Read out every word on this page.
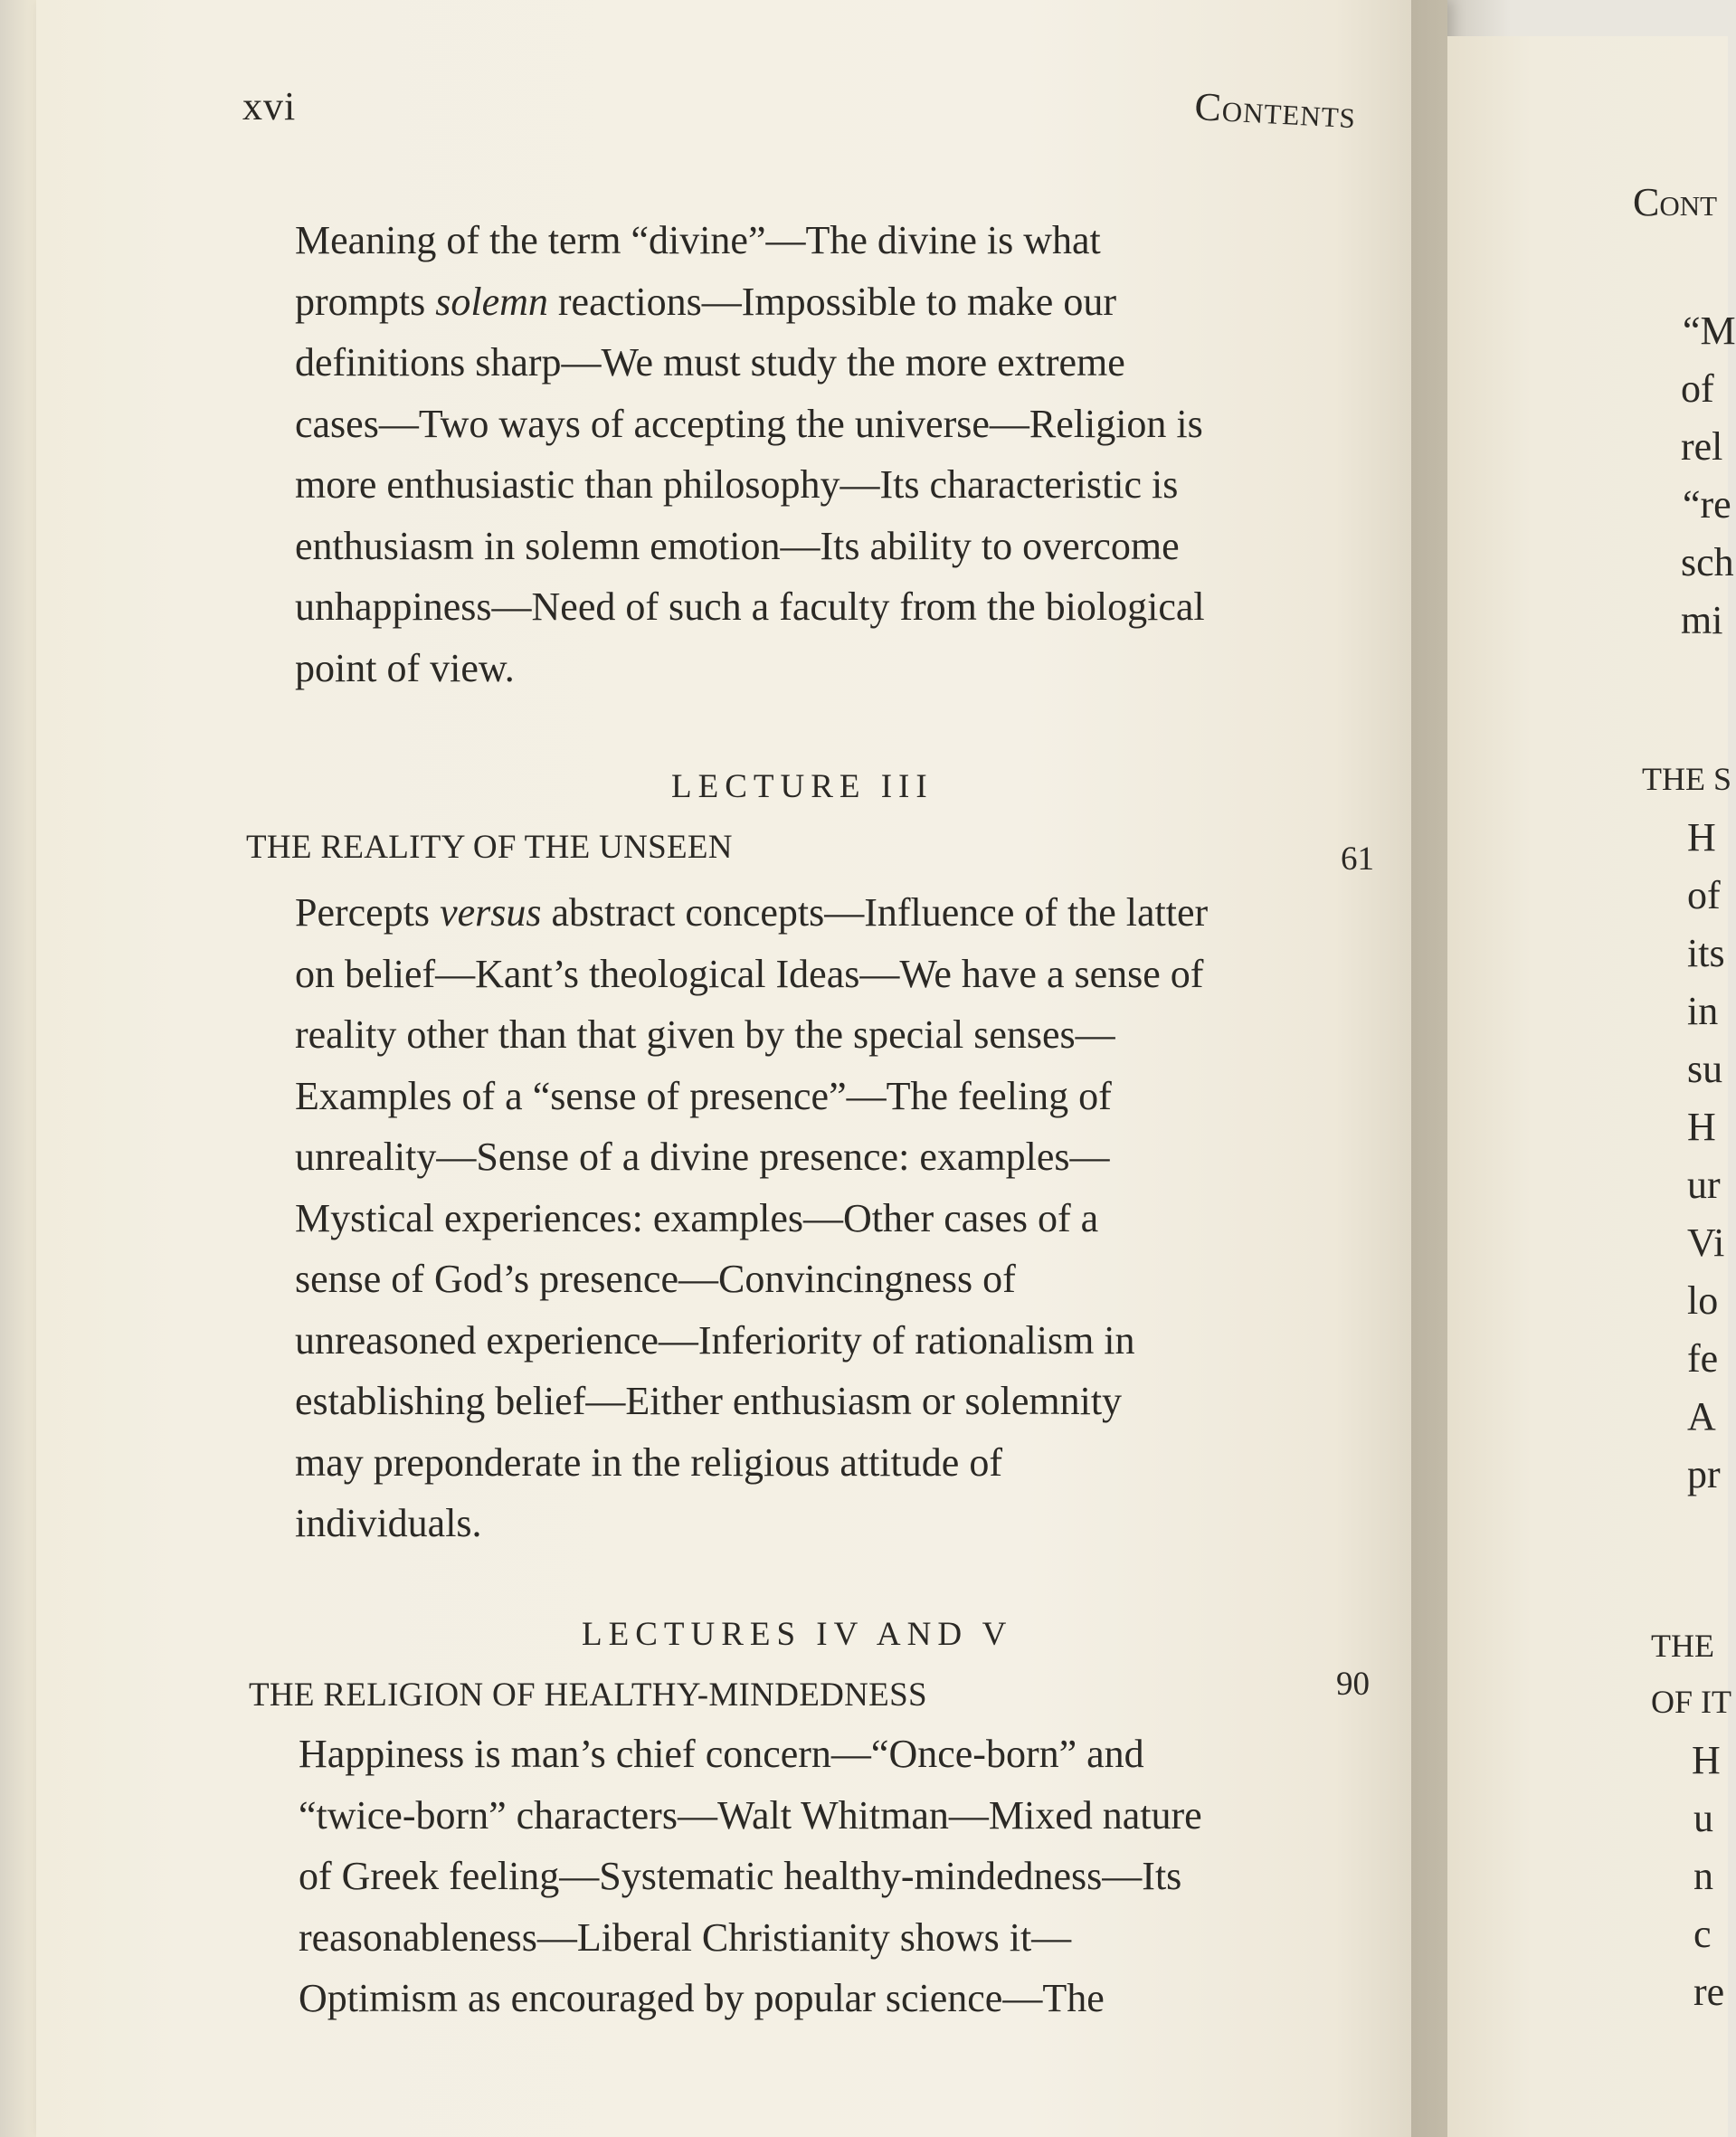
Cont
“M
of
rel
“re
sch
mi
THE S
H
of
its
in
su
H
ur
Vi
lo
fe
A
pr
THE
OF IT
H
u
n
c
re
xvi	Contents
Meaning of the term “divine”—The divine is what
prompts solemn reactions—Impossible to make our
definitions sharp—We must study the more extreme
cases—Two ways of accepting the universe—Religion is
more enthusiastic than philosophy—Its characteristic is
enthusiasm in solemn emotion—Its ability to overcome
unhappiness—Need of such a faculty from the biological
point of view.
LECTURE III
THE REALITY OF THE UNSEEN	61
Percepts versus abstract concepts—Influence of the latter
on belief—Kant’s theological Ideas—We have a sense of
reality other than that given by the special senses—
Examples of a “sense of presence”—The feeling of
unreality—Sense of a divine presence: examples—
Mystical experiences: examples—Other cases of a
sense of God’s presence—Convincingness of
unreasoned experience—Inferiority of rationalism in
establishing belief—Either enthusiasm or solemnity
may preponderate in the religious attitude of
individuals.
LECTURES IV AND V
THE RELIGION OF HEALTHY-MINDEDNESS	90
Happiness is man’s chief concern—“Once-born” and
“twice-born” characters—Walt Whitman—Mixed nature
of Greek feeling—Systematic healthy-mindedness—Its
reasonableness—Liberal Christianity shows it—
Optimism as encouraged by popular science—The
